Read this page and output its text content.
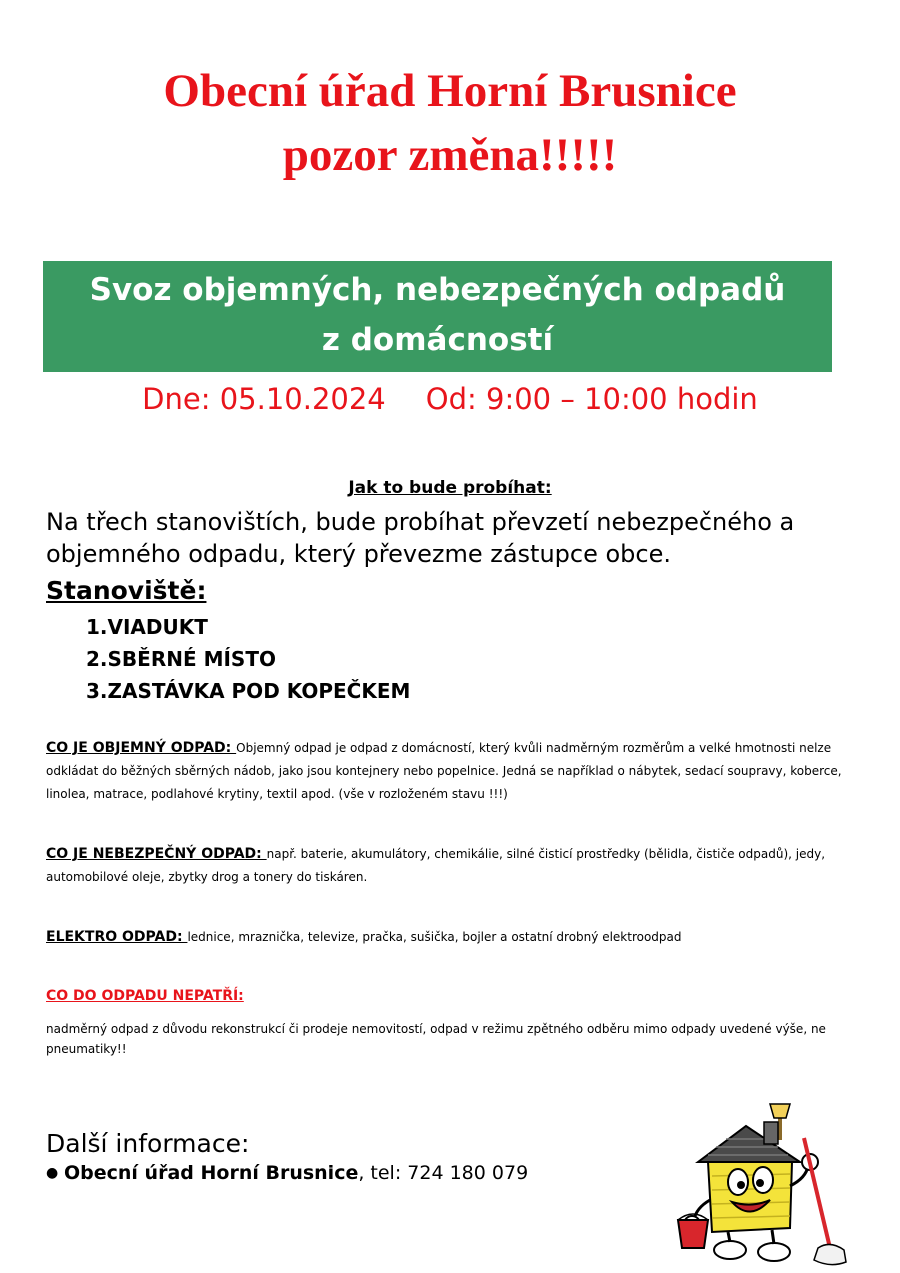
Obecní úřad Horní Brusnice
pozor změna!!!!!
Svoz objemných, nebezpečných odpadů
z domácností
Dne: 05.10.2024 Od: 9:00 – 10:00 hodin
Jak to bude probíhat:
Na třech stanovištích, bude probíhat převzetí nebezpečného a
objemného odpadu, který převezme zástupce obce.
Stanoviště:
1.VIADUKT
2.SBĚRNÉ MÍSTO
3.ZASTÁVKA POD KOPEČKEM
CO JE OBJEMNÝ ODPAD: Objemný odpad je odpad z domácností, který kvůli nadměrným rozměrům a velké hmotnosti nelze odkládat do běžných sběrných nádob, jako jsou kontejnery nebo popelnice. Jedná se například o nábytek, sedací soupravy, koberce, linolea, matrace, podlahové krytiny, textil apod. (vše v rozloženém stavu !!!)
CO JE NEBEZPEČNÝ ODPAD: např. baterie, akumulátory, chemikálie, silné čisticí prostředky (bělidla, čističe odpadů), jedy, automobilové oleje, zbytky drog a tonery do tiskáren.
ELEKTRO ODPAD: lednice, mraznička, televize, pračka, sušička, bojler a ostatní drobný elektroodpad
CO DO ODPADU NEPATŘÍ:
nadměrný odpad z důvodu rekonstrukcí či prodeje nemovitostí, odpad v režimu zpětného odběru mimo odpady uvedené výše, ne pneumatiky!!
Další informace:
● Obecní úřad Horní Brusnice, tel: 724 180 079
